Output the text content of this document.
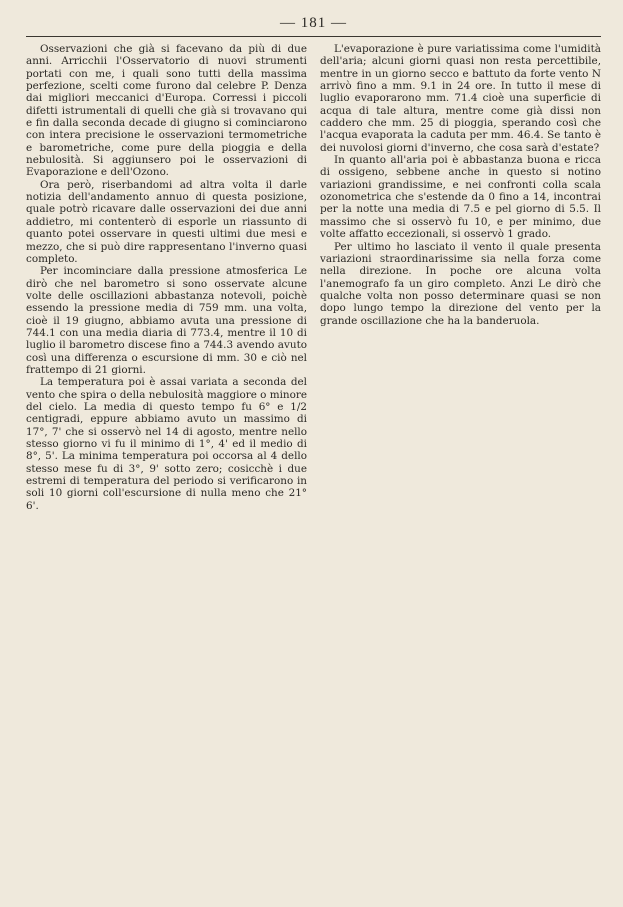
— 181 —

Osservazioni che già si facevano da più di due anni. Arricchii l'Osservatorio di nuovi strumenti portati con me, i quali sono tutti della massima perfezione, scelti come furono dal celebre P. Denza dai migliori meccanici d'Europa. Corressi i piccoli difetti istrumentali di quelli che già si trovavano qui e fin dalla seconda decade di giugno si cominciarono con intera precisione le osservazioni termometriche e barometriche, come pure della pioggia e della nebulosità. Si aggiunsero poi le osservazioni di Evaporazione e dell'Ozono.

Ora però, riserbandomi ad altra volta il darle notizia dell'andamento annuo di questa posizione, quale potrò ricavare dalle osservazioni dei due anni addietro, mi contenterò di esporle un riassunto di quanto potei osservare in questi ultimi due mesi e mezzo, che si può dire rappresentano l'inverno quasi completo.

Per incominciare dalla pressione atmosferica Le dirò che nel barometro si sono osservate alcune volte delle oscillazioni abbastanza notevoli, poichè essendo la pressione media di 759 mm. una volta, cioè il 19 giugno, abbiamo avuta una pressione di 744.1 con una media diaria di 773.4, mentre il 10 di luglio il barometro discese fino a 744.3 avendo avuto così una differenza o escursione di mm. 30 e ciò nel frattempo di 21 giorni.

La temperatura poi è assai variata a seconda del vento che spira o della nebulosità maggiore o minore del cielo. La media di questo tempo fu 6° e 1/2 centigradi, eppure abbiamo avuto un massimo di 17°, 7' che si osservò nel 14 di agosto, mentre nello stesso giorno vi fu il minimo di 1°, 4' ed il medio di 8°, 5'. La minima temperatura poi occorsa al 4 dello stesso mese fu di 3°, 9' sotto zero; cosicchè i due estremi di temperatura del periodo si verificarono in soli 10 giorni coll'escursione di nulla meno che 21° 6'.

L'evaporazione è pure variatissima come l'umidità dell'aria; alcuni giorni quasi non resta percettibile, mentre in un giorno secco e battuto da forte vento N arrivò fino a mm. 9.1 in 24 ore. In tutto il mese di luglio evaporarono mm. 71.4 cioè una superficie di acqua di tale altura, mentre come già dissi non caddero che mm. 25 di pioggia, sperando così che l'acqua evaporata la caduta per mm. 46.4. Se tanto è dei nuvolosi giorni d'inverno, che cosa sarà d'estate?

In quanto all'aria poi è abbastanza buona e ricca di ossigeno, sebbene anche in questo si notino variazioni grandissime, e nei confronti colla scala ozonometrica che s'estende da 0 fino a 14, incontrai per la notte una media di 7.5 e pel giorno di 5.5. Il massimo che si osservò fu 10, e per minimo, due volte affatto eccezionali, si osservò 1 grado.

Per ultimo ho lasciato il vento il quale presenta variazioni straordinarissime sia nella forza come nella direzione. In poche ore alcuna volta l'anemografo fa un giro completo. Anzi Le dirò che qualche volta non posso determinare quasi se non dopo lungo tempo la direzione del vento per la grande oscillazione che ha la banderuola.
